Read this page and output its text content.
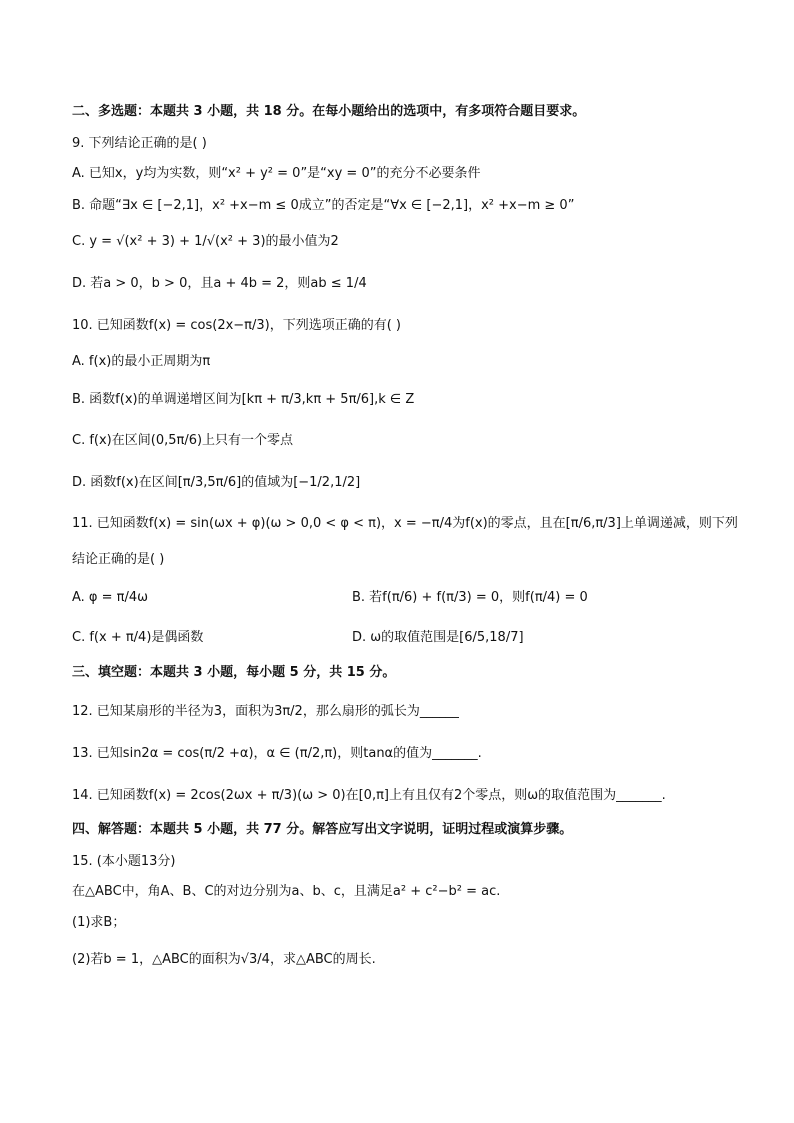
二、多选题：本题共 3 小题，共 18 分。在每小题给出的选项中，有多项符合题目要求。
9. 下列结论正确的是( )
A. 已知x，y均为实数，则“x² + y² = 0”是“xy = 0”的充分不必要条件
B. 命题“∃x ∈ [−2,1]，x² +x−m ≤ 0成立”的否定是“∀x ∈ [−2,1]，x² +x−m ≥ 0”
C. y = √(x² + 3) + 1/√(x² + 3)的最小值为2
D. 若a > 0，b > 0，且a + 4b = 2，则ab ≤ 1/4
10. 已知函数f(x) = cos(2x−π/3)，下列选项正确的有( )
A. f(x)的最小正周期为π
B. 函数f(x)的单调递增区间为[kπ + π/3,kπ + 5π/6],k ∈ Z
C. f(x)在区间(0,5π/6)上只有一个零点
D. 函数f(x)在区间[π/3,5π/6]的值域为[−1/2,1/2]
11. 已知函数f(x) = sin(ωx + φ)(ω > 0,0 < φ < π)，x = −π/4为f(x)的零点，且在[π/6,π/3]上单调递减，则下列
结论正确的是( )
A. φ = π/4ω	B. 若f(π/6) + f(π/3) = 0，则f(π/4) = 0
C. f(x + π/4)是偶函数	D. ω的取值范围是[6/5,18/7]
三、填空题：本题共 3 小题，每小题 5 分，共 15 分。
12. 已知某扇形的半径为3，面积为3π/2，那么扇形的弧长为______
13. 已知sin2α = cos(π/2 +α)，α ∈ (π/2,π)，则tanα的值为_______.
14. 已知函数f(x) = 2cos(2ωx + π/3)(ω > 0)在[0,π]上有且仅有2个零点，则ω的取值范围为_______.
四、解答题：本题共 5 小题，共 77 分。解答应写出文字说明，证明过程或演算步骤。
15. (本小题13分)
在△ABC中，角A、B、C的对边分别为a、b、c，且满足a² + c²−b² = ac.
(1)求B；
(2)若b = 1，△ABC的面积为√3/4，求△ABC的周长.
